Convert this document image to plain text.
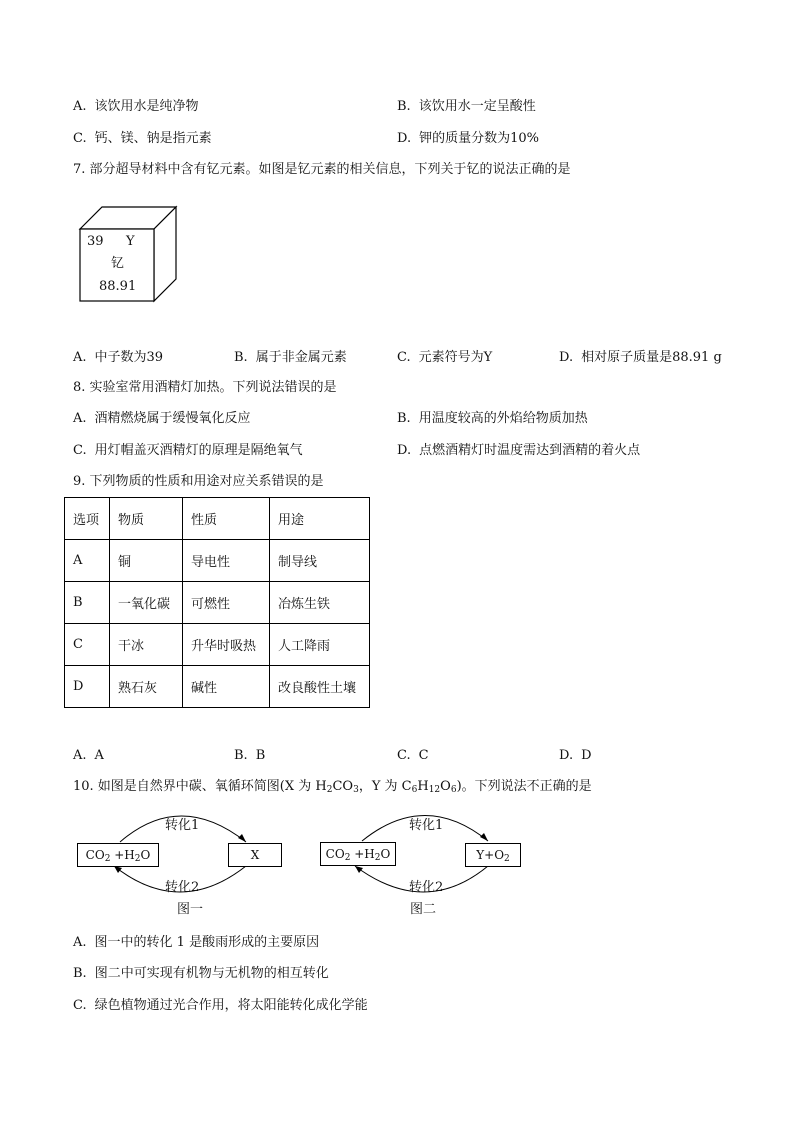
A. 该饮用水是纯净物	B. 该饮用水一定呈酸性
C. 钙、镁、钠是指元素	D. 钾的质量分数为10%
7. 部分超导材料中含有钇元素。如图是钇元素的相关信息，下列关于钇的说法正确的是
39 Y
钇
88.91
A. 中子数为39	B. 属于非金属元素	C. 元素符号为Y	D. 相对原子质量是88.91 g
8. 实验室常用酒精灯加热。下列说法错误的是
A. 酒精燃烧属于缓慢氧化反应	B. 用温度较高的外焰给物质加热
C. 用灯帽盖灭酒精灯的原理是隔绝氧气	D. 点燃酒精灯时温度需达到酒精的着火点
9. 下列物质的性质和用途对应关系错误的是
选项	物质	性质	用途
A	铜	导电性	制导线
B	一氧化碳	可燃性	冶炼生铁
C	干冰	升华时吸热	人工降雨
D	熟石灰	碱性	改良酸性土壤
A. A	B. B	C. C	D. D
10. 如图是自然界中碳、氧循环简图(X 为 $H_2CO_3$，Y 为 $C_6H_{12}O_6$)。下列说法不正确的是
转化1
$CO_2 +H_2O$	X
转化2
图一
转化1
$CO_2 +H_2O$	$Y+O_2$
转化2
图二
A. 图一中的转化 1 是酸雨形成的主要原因
B. 图二中可实现有机物与无机物的相互转化
C. 绿色植物通过光合作用，将太阳能转化成化学能
